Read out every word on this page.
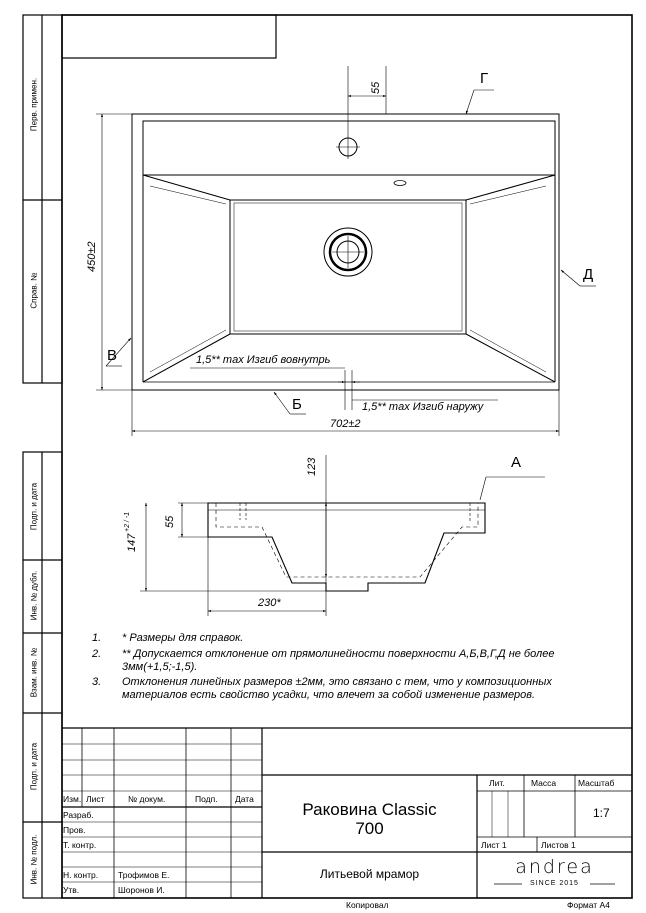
Перв. примен.
Справ. №
Подп. и дата
Инв. № дубл.
Взам. инв. №
Подп. и дата
Инв. № подл.
55
450±2
702±2
1,5** max Изгиб вовнутрь
1,5** max Изгиб наружу
Г
Д
В
Б
А
123
55
147
+2 / -1
230*
1. * Размеры для справок.
2. ** Допускается отклонение от прямолинейности поверхности А,Б,В,Г,Д не более 3мм(+1,5;-1,5).
3. Отклонения линейных размеров ±2мм, это связано с тем, что у композиционных материалов есть свойство усадки, что влечет за собой изменение размеров.
Изм. Лист	№ докум.	Подп. Дата
Разраб.
Пров.
Т. контр.
Н. контр. Трофимов Е.
Утв.	Шоронов И.
Раковина Classic
700
Литьевой мрамор
Лит.	Масса	Масштаб
1:7
Лист 1	Листов 1
andrea
SINCE 2015
Копировал	Формат А4
